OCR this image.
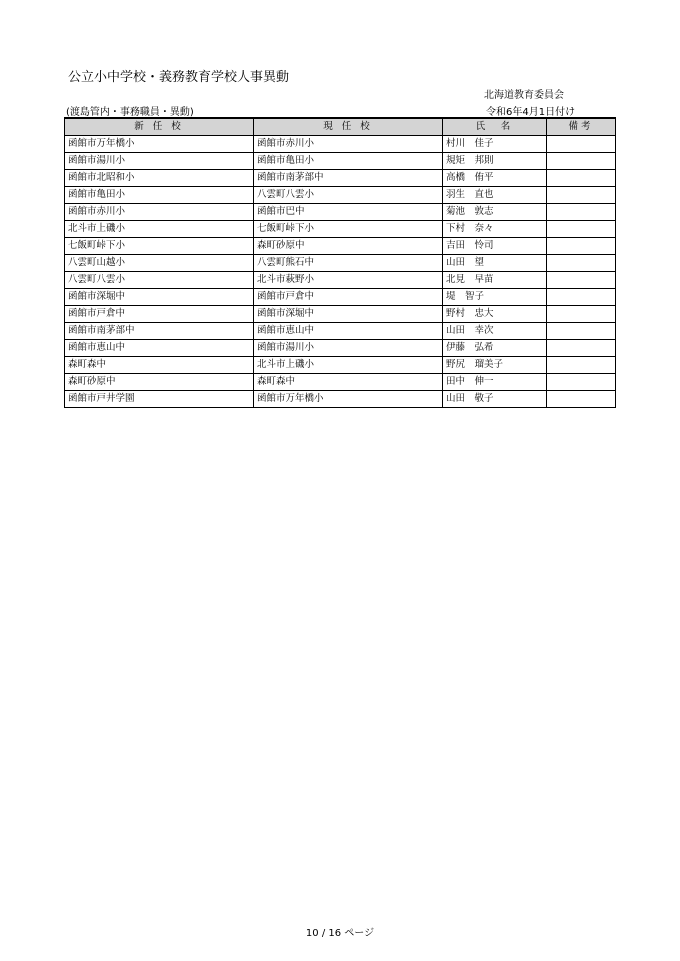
公立小中学校・義務教育学校人事異動
北海道教育委員会
(渡島管内・事務職員・異動)	令和6年4月1日付け
新 任 校	現 任 校	氏　名	備考
函館市万年橋小	函館市赤川小	村川　佳子	
函館市湯川小	函館市亀田小	規矩　邦則	
函館市北昭和小	函館市南茅部中	高橋　侑平	
函館市亀田小	八雲町八雲小	羽生　直也	
函館市赤川小	函館市巴中	菊池　敦志	
北斗市上磯小	七飯町峠下小	下村　奈々	
七飯町峠下小	森町砂原中	吉田　怜司	
八雲町山越小	八雲町熊石中	山田　望	
八雲町八雲小	北斗市萩野小	北見　早苗	
函館市深堀中	函館市戸倉中	堤　智子	
函館市戸倉中	函館市深堀中	野村　忠大	
函館市南茅部中	函館市恵山中	山田　幸次	
函館市恵山中	函館市湯川小	伊藤　弘希	
森町森中	北斗市上磯小	野尻　瑠美子	
森町砂原中	森町森中	田中　伸一	
函館市戸井学園	函館市万年橋小	山田　敬子	
10 / 16 ページ
